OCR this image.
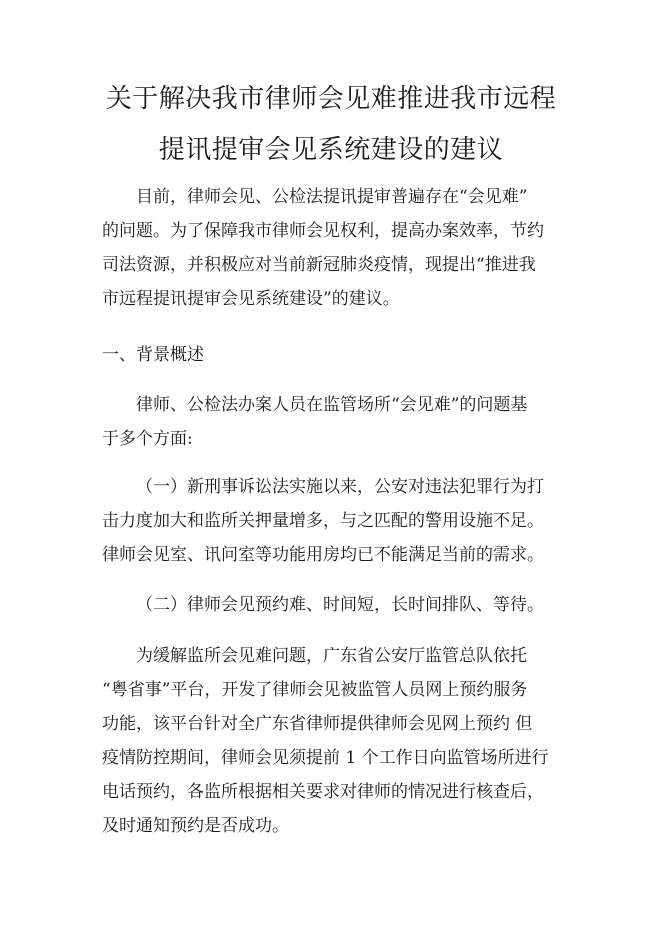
关于解决我市律师会见难推进我市远程
提讯提审会见系统建设的建议
目前，律师会见、公检法提讯提审普遍存在“会见难”
的问题。为了保障我市律师会见权利，提高办案效率，节约
司法资源，并积极应对当前新冠肺炎疫情，现提出“推进我
市远程提讯提审会见系统建设”的建议。
一、背景概述
律师、公检法办案人员在监管场所“会见难”的问题基
于多个方面:
（一）新刑事诉讼法实施以来，公安对违法犯罪行为打
击力度加大和监所关押量增多，与之匹配的警用设施不足。
律师会见室、讯问室等功能用房均已不能满足当前的需求。
（二）律师会见预约难、时间短，长时间排队、等待。
为缓解监所会见难问题，广东省公安厅监管总队依托
“粤省事”平台，开发了律师会见被监管人员网上预约服务
功能，该平台针对全广东省律师提供律师会见网上预约 但
疫情防控期间，律师会见须提前 1 个工作日向监管场所进行
电话预约，各监所根据相关要求对律师的情况进行核查后，
及时通知预约是否成功。
